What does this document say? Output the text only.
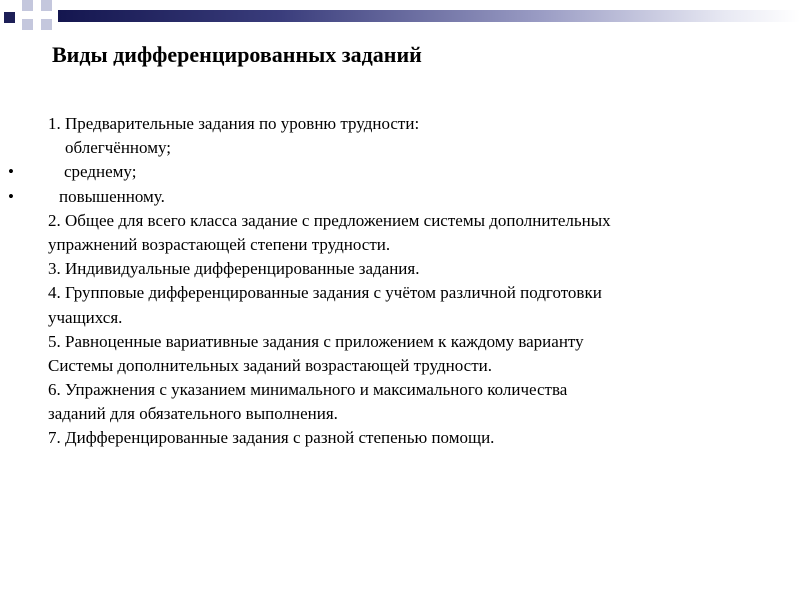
Виды дифференцированных заданий
1. Предварительные задания по уровню трудности:
облегчённому;
•	среднему;
•	повышенному.
2. Общее для всего класса задание с предложением системы дополнительных
упражнений возрастающей степени трудности.
3. Индивидуальные дифференцированные задания.
4. Групповые дифференцированные задания с учётом различной подготовки
учащихся.
5. Равноценные вариативные задания с приложением к каждому варианту
Системы дополнительных заданий возрастающей трудности.
6. Упражнения с указанием минимального и максимального количества
заданий для обязательного выполнения.
7. Дифференцированные задания с разной степенью помощи.
